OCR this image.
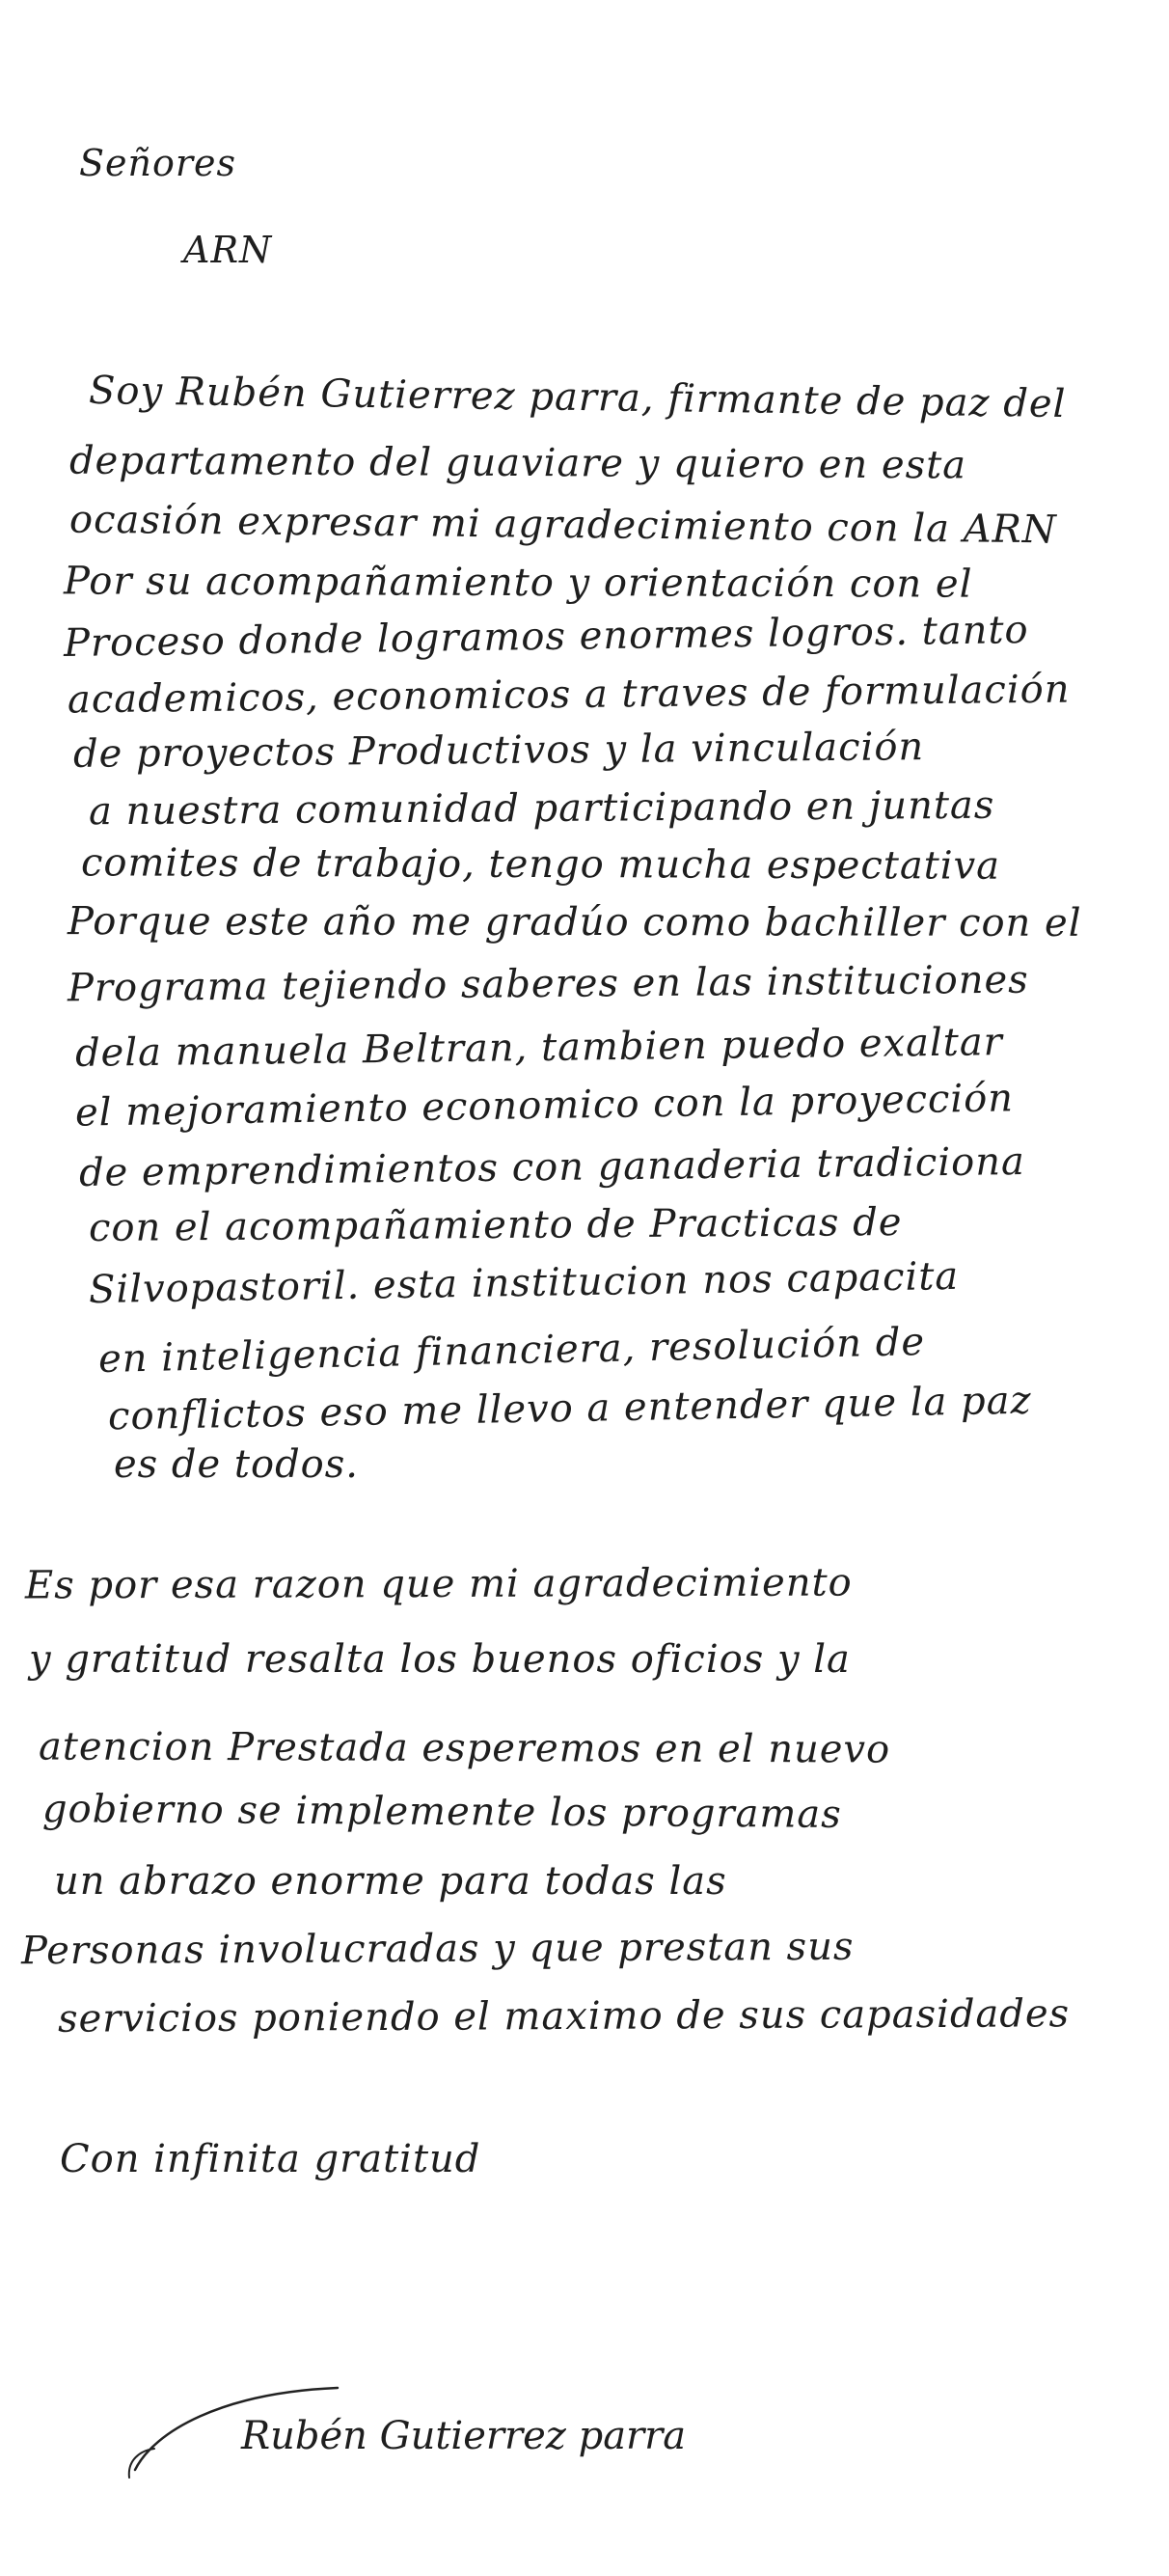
Señores
ARN
Soy Rubén Gutierrez parra, firmante de paz del
departamento del guaviare y quiero en esta
ocasión expresar mi agradecimiento con la ARN
Por su acompañamiento y orientación con el
Proceso donde logramos enormes logros. tanto
academicos, economicos a traves de formulación
de proyectos Productivos y la vinculación
a nuestra comunidad participando en juntas
comites de trabajo, tengo mucha espectativa
Porque este año me gradúo como bachiller con el
Programa tejiendo saberes en las instituciones
dela manuela Beltran, tambien puedo exaltar
el mejoramiento economico con la proyección
de emprendimientos con ganaderia tradiciona
con el acompañamiento de Practicas de
Silvopastoril. esta institucion nos capacita
en inteligencia financiera, resolución de
conflictos eso me llevo a entender que la paz
es de todos.
Es por esa razon que mi agradecimiento
y gratitud resalta los buenos oficios y la
atencion Prestada esperemos en el nuevo
gobierno se implemente los programas
un abrazo enorme para todas las
Personas involucradas y que prestan sus
servicios poniendo el maximo de sus capasidades
Con infinita gratitud
Rubén Gutierrez parra
